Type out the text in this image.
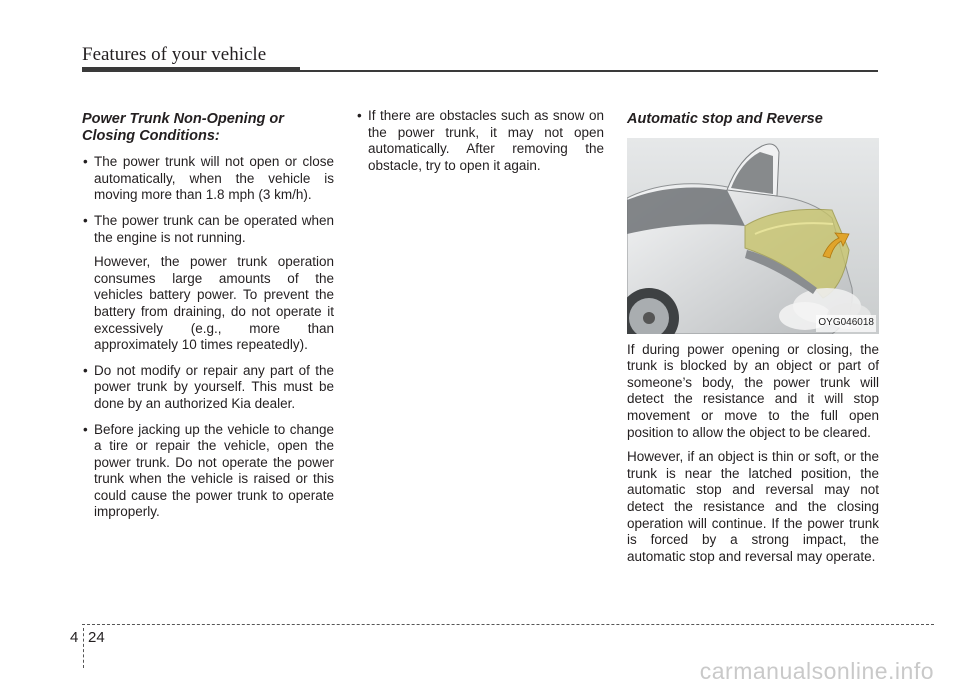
Features of your vehicle
Power Trunk Non-Opening or
Closing Conditions:
• The power trunk will not open or close automatically, when the vehicle is moving more than 1.8 mph (3 km/h).

• The power trunk can be operated when the engine is not running.

However, the power trunk operation consumes large amounts of the vehicles battery power. To prevent the battery from draining, do not operate it excessively (e.g., more than approximately 10 times repeatedly).

• Do not modify or repair any part of the power trunk by yourself. This must be done by an authorized Kia dealer.

• Before jacking up the vehicle to change a tire or repair the vehicle, open the power trunk. Do not operate the power trunk when the vehicle is raised or this could cause the power trunk to operate improperly.

• If there are obstacles such as snow on the power trunk, it may not open automatically. After removing the obstacle, try to open it again.

Automatic stop and Reverse
OYG046018

If during power opening or closing, the trunk is blocked by an object or part of someone’s body, the power trunk will detect the resistance and it will stop movement or move to the full open position to allow the object to be cleared.

However, if an object is thin or soft, or the trunk is near the latched position, the automatic stop and reversal may not detect the resistance and the closing operation will continue. If the power trunk is forced by a strong impact, the automatic stop and reversal may operate.

4 24
carmanualsonline.info
